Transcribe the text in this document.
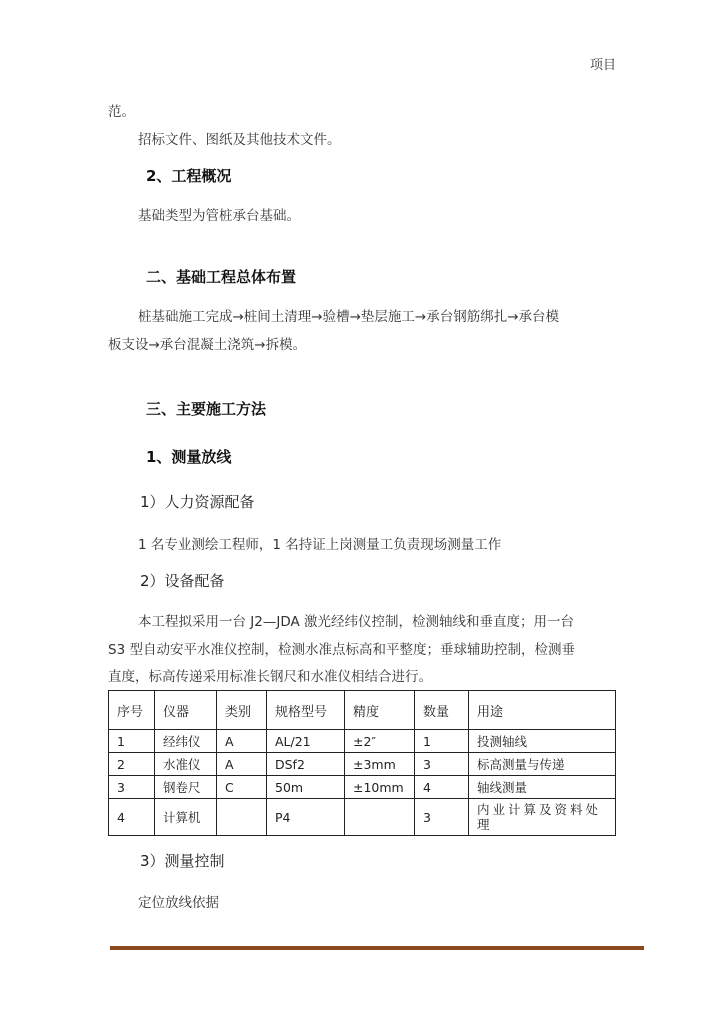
项目
范。
招标文件、图纸及其他技术文件。
2、工程概况
基础类型为管桩承台基础。
二、基础工程总体布置
桩基础施工完成→桩间土清理→验槽→垫层施工→承台钢筋绑扎→承台模
板支设→承台混凝土浇筑→拆模。
三、主要施工方法
1、测量放线
1）人力资源配备
1 名专业测绘工程师，1 名持证上岗测量工负责现场测量工作
2）设备配备
本工程拟采用一台 J2—JDA 激光经纬仪控制，检测轴线和垂直度；用一台
S3 型自动安平水准仪控制，检测水准点标高和平整度；垂球辅助控制，检测垂
直度，标高传递采用标准长钢尺和水准仪相结合进行。
序号	仪器	类别	规格型号	精度	数量	用途
1	经纬仪	A	AL/21	±2″	1	投测轴线
2	水准仪	A	DSf2	±3mm	3	标高测量与传递
3	钢卷尺	C	50m	±10mm	4	轴线测量
4	计算机		P4		3	内业计算及资料处理
3）测量控制
定位放线依据
